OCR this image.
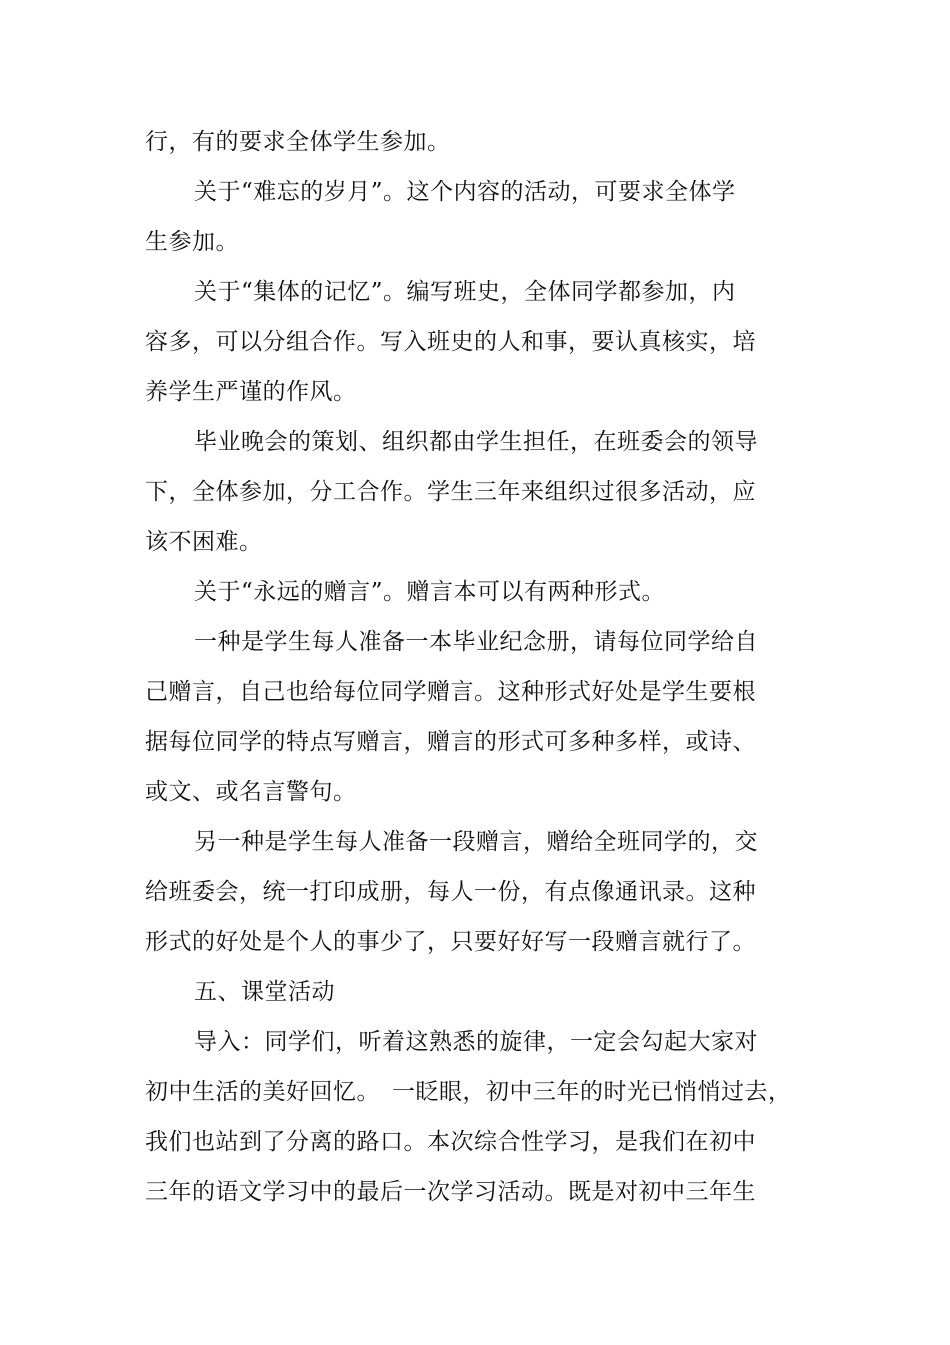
行，有的要求全体学生参加。
关于“难忘的岁月”。这个内容的活动，可要求全体学
生参加。
关于“集体的记忆”。编写班史，全体同学都参加，内
容多，可以分组合作。写入班史的人和事，要认真核实，培
养学生严谨的作风。
毕业晚会的策划、组织都由学生担任，在班委会的领导
下，全体参加，分工合作。学生三年来组织过很多活动，应
该不困难。
关于“永远的赠言”。赠言本可以有两种形式。
一种是学生每人准备一本毕业纪念册，请每位同学给自
己赠言，自己也给每位同学赠言。这种形式好处是学生要根
据每位同学的特点写赠言，赠言的形式可多种多样，或诗、
或文、或名言警句。
另一种是学生每人准备一段赠言，赠给全班同学的，交
给班委会，统一打印成册，每人一份，有点像通讯录。这种
形式的好处是个人的事少了，只要好好写一段赠言就行了。
五、课堂活动
导入：同学们，听着这熟悉的旋律，一定会勾起大家对
初中生活的美好回忆。　一眨眼，初中三年的时光已悄悄过去，
我们也站到了分离的路口。本次综合性学习，是我们在初中
三年的语文学习中的最后一次学习活动。既是对初中三年生
